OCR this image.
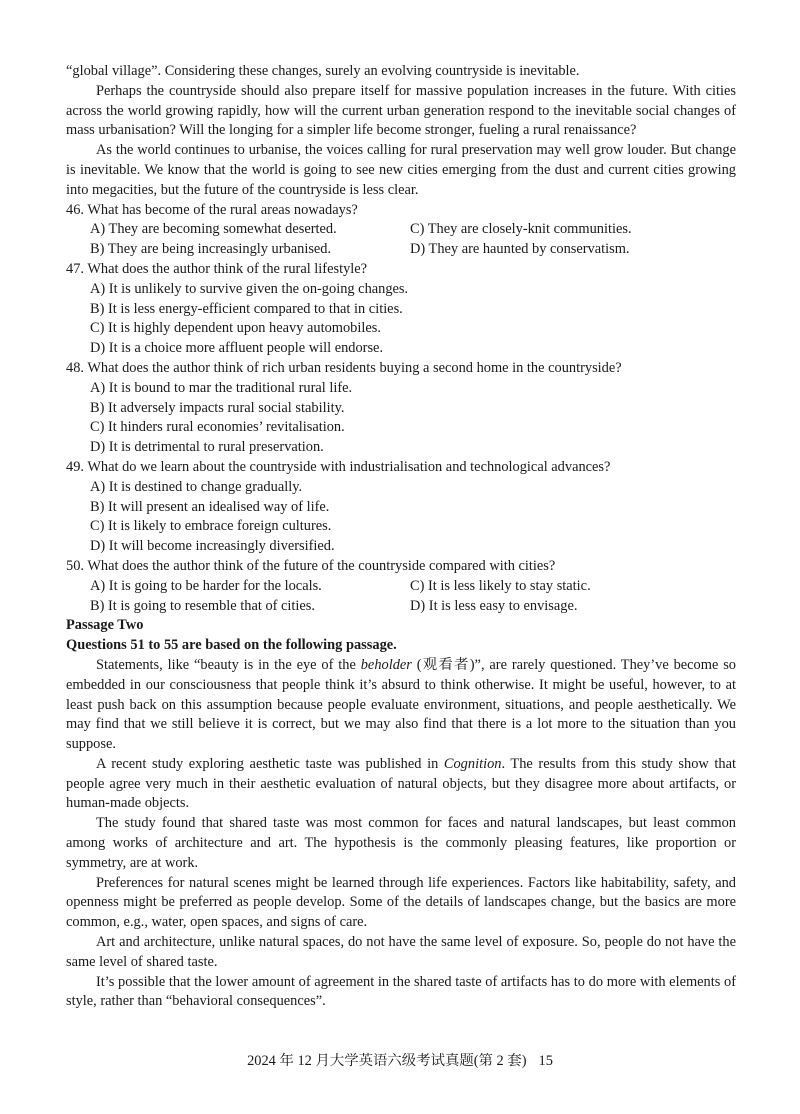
“global village”. Considering these changes, surely an evolving countryside is inevitable.

Perhaps the countryside should also prepare itself for massive population increases in the future. With cities across the world growing rapidly, how will the current urban generation respond to the inevitable social changes of mass urbanisation? Will the longing for a simpler life become stronger, fueling a rural renaissance?

As the world continues to urbanise, the voices calling for rural preservation may well grow louder. But change is inevitable. We know that the world is going to see new cities emerging from the dust and current cities growing into megacities, but the future of the countryside is less clear.

46. What has become of the rural areas nowadays?
A) They are becoming somewhat deserted.	C) They are closely-knit communities.
B) They are being increasingly urbanised.	D) They are haunted by conservatism.
47. What does the author think of the rural lifestyle?
A) It is unlikely to survive given the on-going changes.
B) It is less energy-efficient compared to that in cities.
C) It is highly dependent upon heavy automobiles.
D) It is a choice more affluent people will endorse.
48. What does the author think of rich urban residents buying a second home in the countryside?
A) It is bound to mar the traditional rural life.
B) It adversely impacts rural social stability.
C) It hinders rural economies’ revitalisation.
D) It is detrimental to rural preservation.
49. What do we learn about the countryside with industrialisation and technological advances?
A) It is destined to change gradually.
B) It will present an idealised way of life.
C) It is likely to embrace foreign cultures.
D) It will become increasingly diversified.
50. What does the author think of the future of the countryside compared with cities?
A) It is going to be harder for the locals.	C) It is less likely to stay static.
B) It is going to resemble that of cities.	D) It is less easy to envisage.
Passage Two
Questions 51 to 55 are based on the following passage.

Statements, like “beauty is in the eye of the beholder (观看者)”, are rarely questioned. They’ve become so embedded in our consciousness that people think it’s absurd to think otherwise. It might be useful, however, to at least push back on this assumption because people evaluate environment, situations, and people aesthetically. We may find that we still believe it is correct, but we may also find that there is a lot more to the situation than you suppose.

A recent study exploring aesthetic taste was published in Cognition. The results from this study show that people agree very much in their aesthetic evaluation of natural objects, but they disagree more about artifacts, or human-made objects.

The study found that shared taste was most common for faces and natural landscapes, but least common among works of architecture and art. The hypothesis is the commonly pleasing features, like proportion or symmetry, are at work.

Preferences for natural scenes might be learned through life experiences. Factors like habitability, safety, and openness might be preferred as people develop. Some of the details of landscapes change, but the basics are more common, e.g., water, open spaces, and signs of care.

Art and architecture, unlike natural spaces, do not have the same level of exposure. So, people do not have the same level of shared taste.

It’s possible that the lower amount of agreement in the shared taste of artifacts has to do more with elements of style, rather than “behavioral consequences”.

2024 年 12 月大学英语六级考试真题(第 2 套) 15
